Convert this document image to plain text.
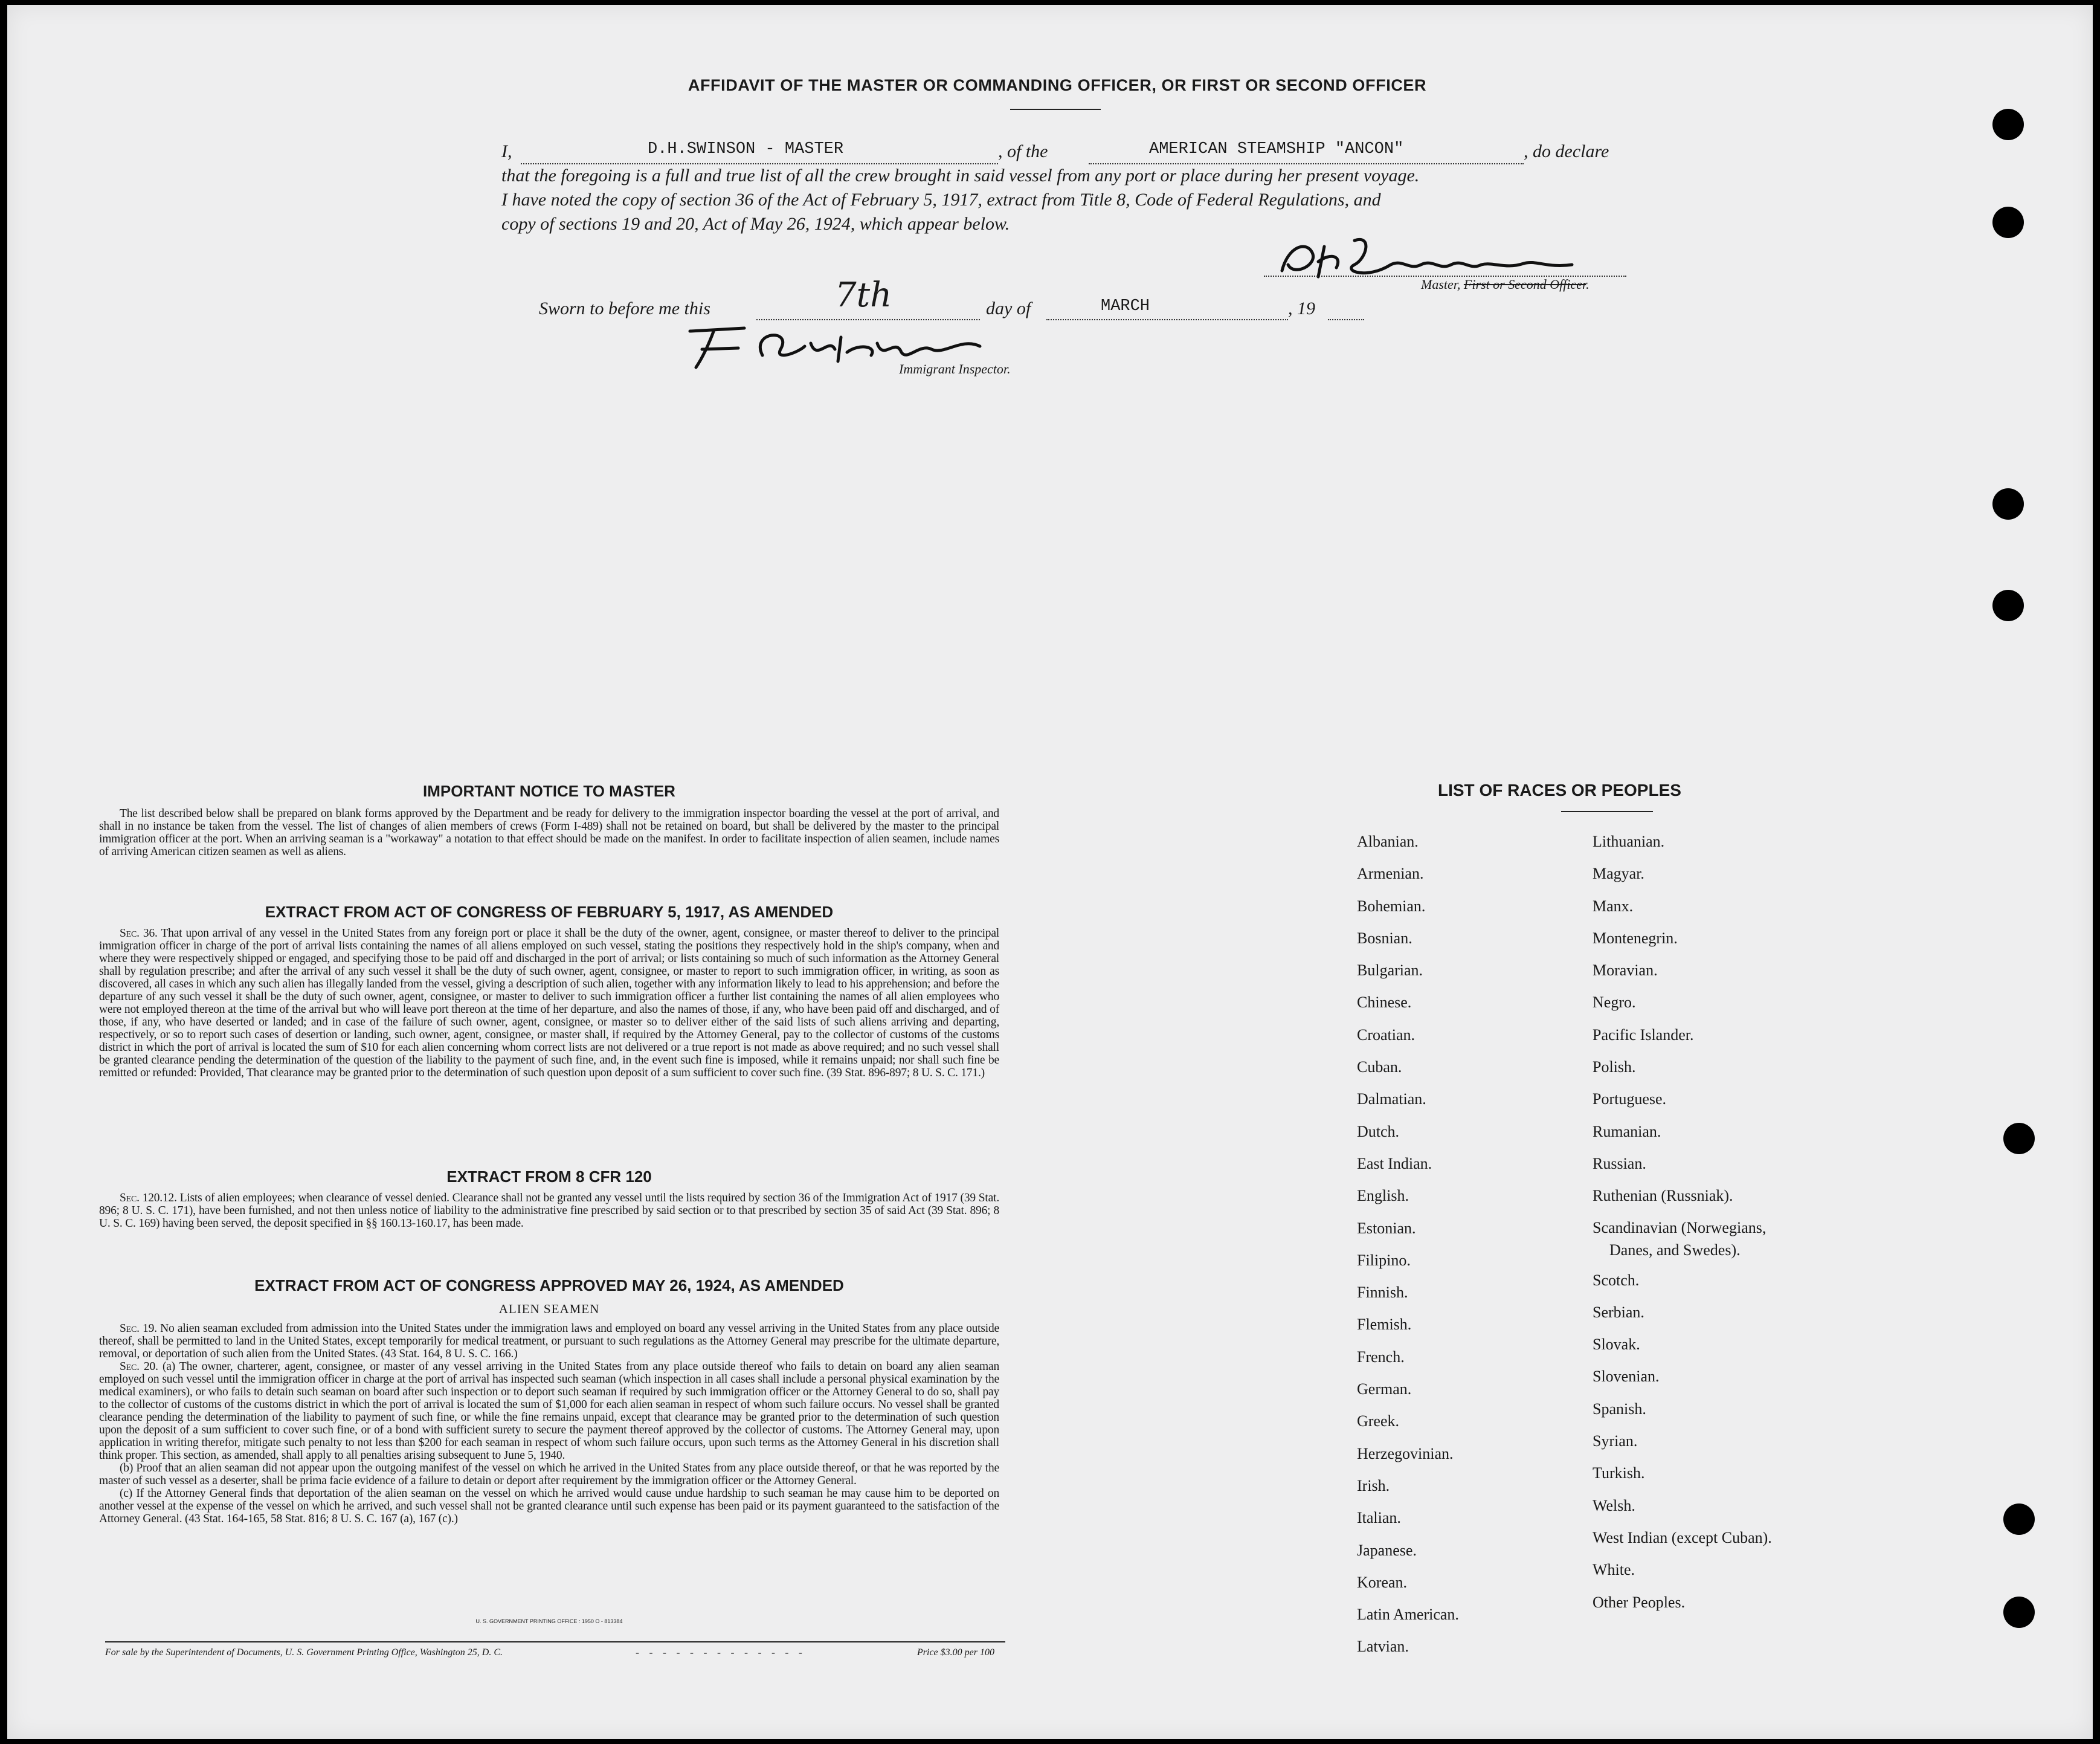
AFFIDAVIT OF THE MASTER OR COMMANDING OFFICER, OR FIRST OR SECOND OFFICER
I,	D.H.SWINSON - MASTER	, of the	AMERICAN STEAMSHIP "ANCON"	, do declare
that the foregoing is a full and true list of all the crew brought in said vessel from any port or place during her present voyage.
I have noted the copy of section 36 of the Act of February 5, 1917, extract from Title 8, Code of Federal Regulations, and
copy of sections 19 and 20, Act of May 26, 1924, which appear below.
Master, First or Second Officer.
Sworn to before me this	7th	day of	MARCH	, 19
Immigrant Inspector.
IMPORTANT NOTICE TO MASTER

The list described below shall be prepared on blank forms approved by the Department and be ready for delivery to the immigration inspector boarding the vessel at the port of arrival, and shall in no instance be taken from the vessel. The list of changes of alien members of crews (Form I-489) shall not be retained on board, but shall be delivered by the master to the principal immigration officer at the port. When an arriving seaman is a "workaway" a notation to that effect should be made on the manifest. In order to facilitate inspection of alien seamen, include names of arriving American citizen seamen as well as aliens.

EXTRACT FROM ACT OF CONGRESS OF FEBRUARY 5, 1917, AS AMENDED

Sec. 36. That upon arrival of any vessel in the United States from any foreign port or place it shall be the duty of the owner, agent, consignee, or master thereof to deliver to the principal immigration officer in charge of the port of arrival lists containing the names of all aliens employed on such vessel, stating the positions they respectively hold in the ship's company, when and where they were respectively shipped or engaged, and specifying those to be paid off and discharged in the port of arrival; or lists containing so much of such information as the Attorney General shall by regulation prescribe; and after the arrival of any such vessel it shall be the duty of such owner, agent, consignee, or master to report to such immigration officer, in writing, as soon as discovered, all cases in which any such alien has illegally landed from the vessel, giving a description of such alien, together with any information likely to lead to his apprehension; and before the departure of any such vessel it shall be the duty of such owner, agent, consignee, or master to deliver to such immigration officer a further list containing the names of all alien employees who were not employed thereon at the time of the arrival but who will leave port thereon at the time of her departure, and also the names of those, if any, who have been paid off and discharged, and of those, if any, who have deserted or landed; and in case of the failure of such owner, agent, consignee, or master so to deliver either of the said lists of such aliens arriving and departing, respectively, or so to report such cases of desertion or landing, such owner, agent, consignee, or master shall, if required by the Attorney General, pay to the collector of customs of the customs district in which the port of arrival is located the sum of $10 for each alien concerning whom correct lists are not delivered or a true report is not made as above required; and no such vessel shall be granted clearance pending the determination of the question of the liability to the payment of such fine, and, in the event such fine is imposed, while it remains unpaid; nor shall such fine be remitted or refunded: Provided, That clearance may be granted prior to the determination of such question upon deposit of a sum sufficient to cover such fine. (39 Stat. 896-897; 8 U. S. C. 171.)

EXTRACT FROM 8 CFR 120

Sec. 120.12. Lists of alien employees; when clearance of vessel denied. Clearance shall not be granted any vessel until the lists required by section 36 of the Immigration Act of 1917 (39 Stat. 896; 8 U. S. C. 171), have been furnished, and not then unless notice of liability to the administrative fine prescribed by said section or to that prescribed by section 35 of said Act (39 Stat. 896; 8 U. S. C. 169) having been served, the deposit specified in §§ 160.13-160.17, has been made.

EXTRACT FROM ACT OF CONGRESS APPROVED MAY 26, 1924, AS AMENDED
ALIEN SEAMEN

Sec. 19. No alien seaman excluded from admission into the United States under the immigration laws and employed on board any vessel arriving in the United States from any place outside thereof, shall be permitted to land in the United States, except temporarily for medical treatment, or pursuant to such regulations as the Attorney General may prescribe for the ultimate departure, removal, or deportation of such alien from the United States. (43 Stat. 164, 8 U. S. C. 166.)

Sec. 20. (a) The owner, charterer, agent, consignee, or master of any vessel arriving in the United States from any place outside thereof who fails to detain on board any alien seaman employed on such vessel until the immigration officer in charge at the port of arrival has inspected such seaman (which inspection in all cases shall include a personal physical examination by the medical examiners), or who fails to detain such seaman on board after such inspection or to deport such seaman if required by such immigration officer or the Attorney General to do so, shall pay to the collector of customs of the customs district in which the port of arrival is located the sum of $1,000 for each alien seaman in respect of whom such failure occurs. No vessel shall be granted clearance pending the determination of the liability to payment of such fine, or while the fine remains unpaid, except that clearance may be granted prior to the determination of such question upon the deposit of a sum sufficient to cover such fine, or of a bond with sufficient surety to secure the payment thereof approved by the collector of customs. The Attorney General may, upon application in writing therefor, mitigate such penalty to not less than $200 for each seaman in respect of whom such failure occurs, upon such terms as the Attorney General in his discretion shall think proper. This section, as amended, shall apply to all penalties arising subsequent to June 5, 1940.

(b) Proof that an alien seaman did not appear upon the outgoing manifest of the vessel on which he arrived in the United States from any place outside thereof, or that he was reported by the master of such vessel as a deserter, shall be prima facie evidence of a failure to detain or deport after requirement by the immigration officer or the Attorney General.

(c) If the Attorney General finds that deportation of the alien seaman on the vessel on which he arrived would cause undue hardship to such seaman he may cause him to be deported on another vessel at the expense of the vessel on which he arrived, and such vessel shall not be granted clearance until such expense has been paid or its payment guaranteed to the satisfaction of the Attorney General. (43 Stat. 164-165, 58 Stat. 816; 8 U. S. C. 167 (a), 167 (c).)

U. S. GOVERNMENT PRINTING OFFICE : 1950 O - 813384
For sale by the Superintendent of Documents, U. S. Government Printing Office, Washington 25, D. C.	- - - - - - - - - - - - -	Price $3.00 per 100
LIST OF RACES OR PEOPLES
Albanian.
Armenian.
Bohemian.
Bosnian.
Bulgarian.
Chinese.
Croatian.
Cuban.
Dalmatian.
Dutch.
East Indian.
English.
Estonian.
Filipino.
Finnish.
Flemish.
French.
German.
Greek.
Herzegovinian.
Irish.
Italian.
Japanese.
Korean.
Latin American.
Latvian.
Lithuanian.
Magyar.
Manx.
Montenegrin.
Moravian.
Negro.
Pacific Islander.
Polish.
Portuguese.
Rumanian.
Russian.
Ruthenian (Russniak).
Scandinavian (Norwegians,
Danes, and Swedes).
Scotch.
Serbian.
Slovak.
Slovenian.
Spanish.
Syrian.
Turkish.
Welsh.
West Indian (except Cuban).
White.
Other Peoples.
